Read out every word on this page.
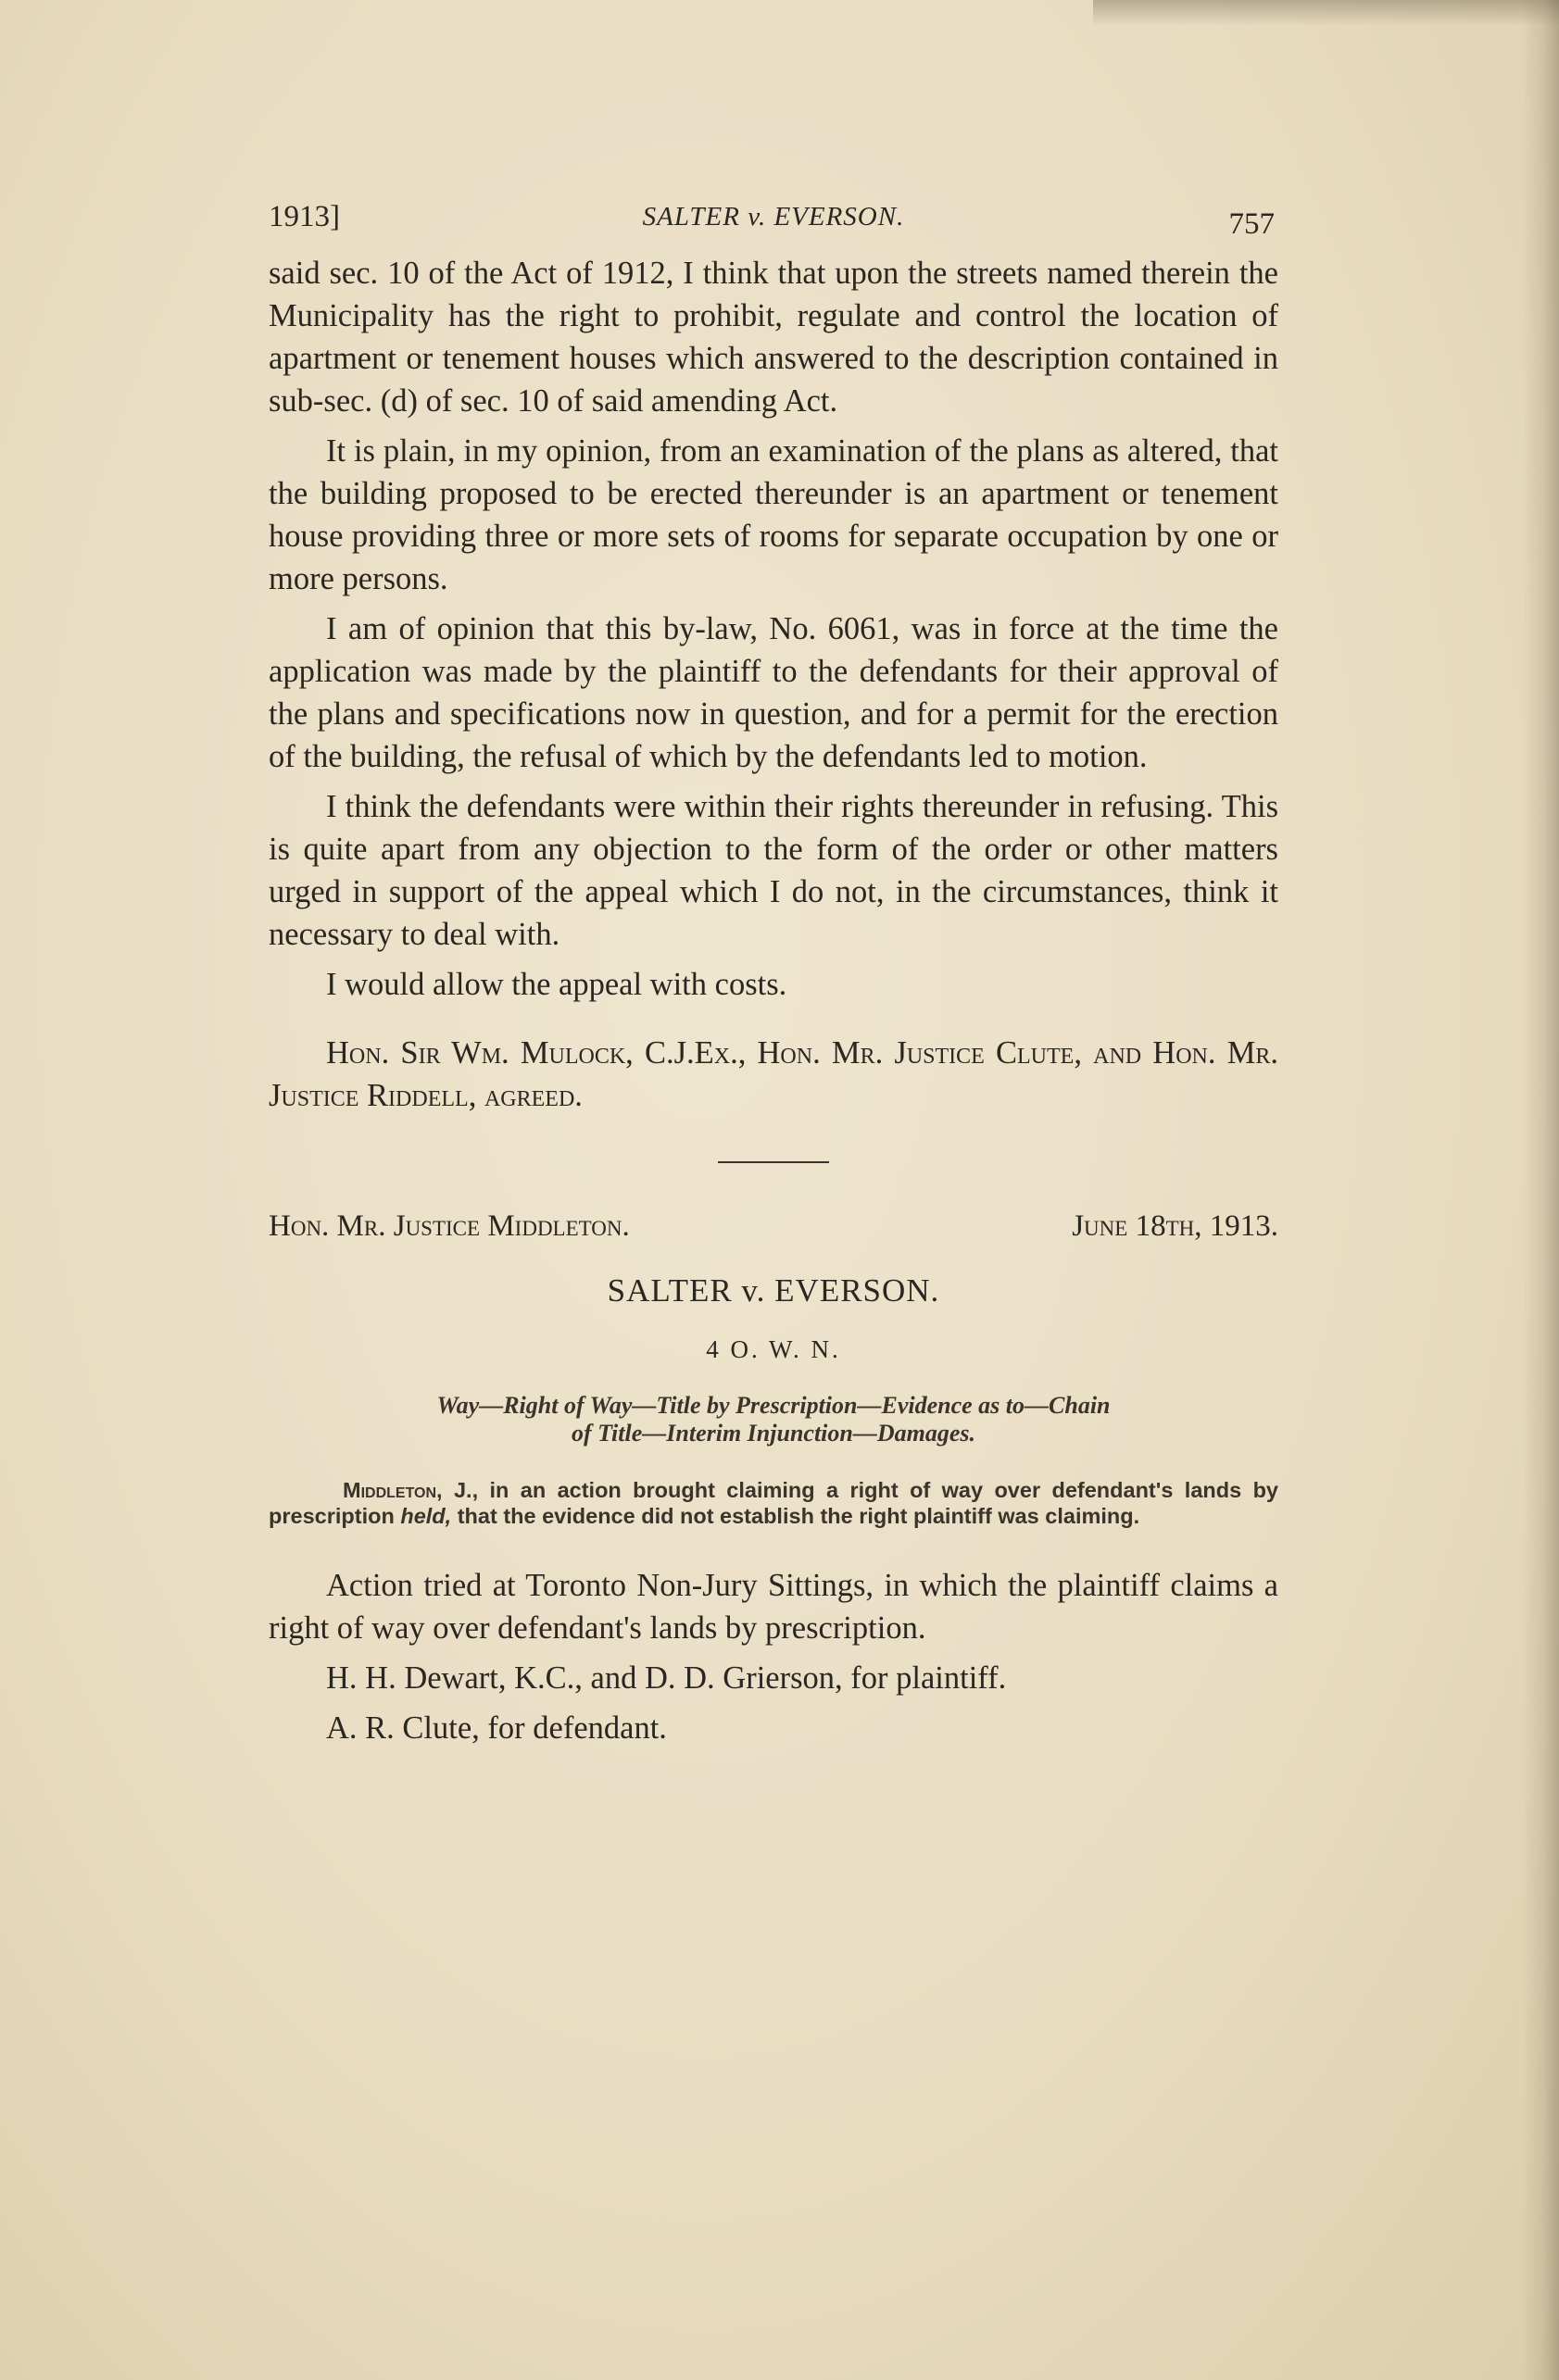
1913]	SALTER v. EVERSON.	757

said sec. 10 of the Act of 1912, I think that upon the streets named therein the Municipality has the right to prohibit, regulate and control the location of apartment or tenement houses which answered to the description contained in sub-sec. (d) of sec. 10 of said amending Act.

It is plain, in my opinion, from an examination of the plans as altered, that the building proposed to be erected thereunder is an apartment or tenement house providing three or more sets of rooms for separate occupation by one or more persons.

I am of opinion that this by-law, No. 6061, was in force at the time the application was made by the plaintiff to the defendants for their approval of the plans and specifications now in question, and for a permit for the erection of the building, the refusal of which by the defendants led to motion.

I think the defendants were within their rights thereunder in refusing. This is quite apart from any objection to the form of the order or other matters urged in support of the appeal which I do not, in the circumstances, think it necessary to deal with.

I would allow the appeal with costs.

Hon. Sir Wm. Mulock, C.J.Ex., Hon. Mr. Justice Clute, and Hon. Mr. Justice Riddell, agreed.

Hon. Mr. Justice Middleton.	June 18th, 1913.
SALTER v. EVERSON.
4 O. W. N.

Way—Right of Way—Title by Prescription—Evidence as to—Chain
of Title—Interim Injunction—Damages.

Middleton, J., in an action brought claiming a right of way over defendant's lands by prescription held, that the evidence did not establish the right plaintiff was claiming.

Action tried at Toronto Non-Jury Sittings, in which the plaintiff claims a right of way over defendant's lands by prescription.

H. H. Dewart, K.C., and D. D. Grierson, for plaintiff.

A. R. Clute, for defendant.
